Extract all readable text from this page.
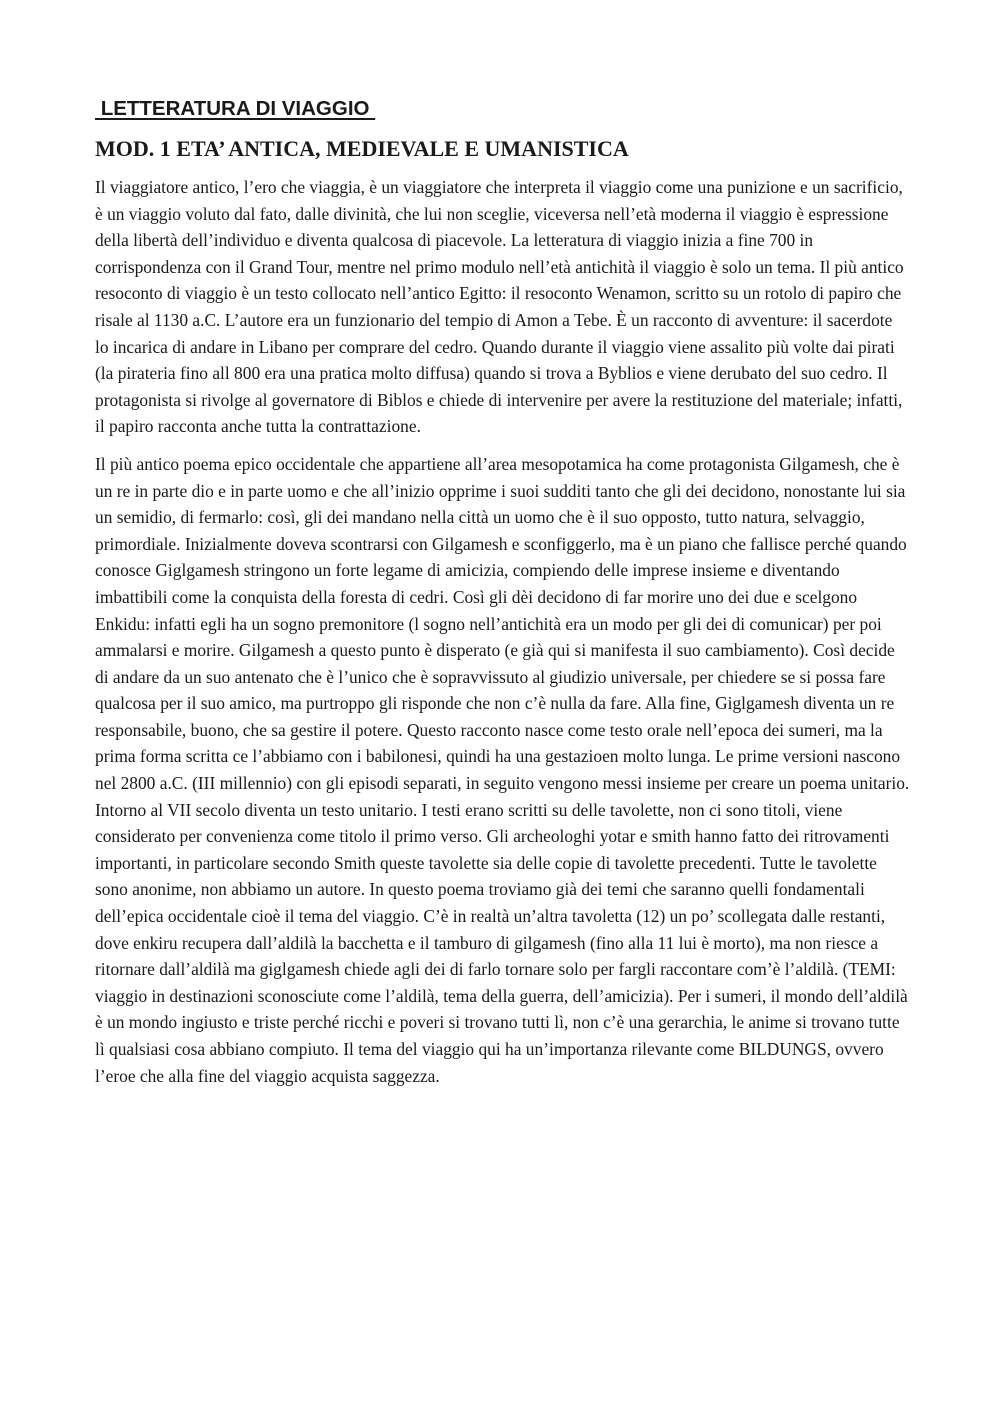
LETTERATURA DI VIAGGIO
MOD. 1 ETA’ ANTICA, MEDIEVALE E UMANISTICA

Il viaggiatore antico, l’ero che viaggia, è un viaggiatore che interpreta il viaggio come una punizione e un sacrificio, è un viaggio voluto dal fato, dalle divinità, che lui non sceglie, viceversa nell’età moderna il viaggio è espressione della libertà dell’individuo e diventa qualcosa di piacevole. La letteratura di viaggio inizia a fine 700 in corrispondenza con il Grand Tour, mentre nel primo modulo nell’età antichità il viaggio è solo un tema. Il più antico resoconto di viaggio è un testo collocato nell’antico Egitto: il resoconto Wenamon, scritto su un rotolo di papiro che risale al 1130 a.C. L’autore era un funzionario del tempio di Amon a Tebe. È un racconto di avventure: il sacerdote lo incarica di andare in Libano per comprare del cedro. Quando durante il viaggio viene assalito più volte dai pirati (la pirateria fino all 800 era una pratica molto diffusa) quando si trova a Byblios e viene derubato del suo cedro. Il protagonista si rivolge al governatore di Biblos e chiede di intervenire per avere la restituzione del materiale; infatti, il papiro racconta anche tutta la contrattazione.

Il più antico poema epico occidentale che appartiene all’area mesopotamica ha come protagonista Gilgamesh, che è un re in parte dio e in parte uomo e che all’inizio opprime i suoi sudditi tanto che gli dei decidono, nonostante lui sia un semidio, di fermarlo: così, gli dei mandano nella città un uomo che è il suo opposto, tutto natura, selvaggio, primordiale. Inizialmente doveva scontrarsi con Gilgamesh e sconfiggerlo, ma è un piano che fallisce perché quando conosce Giglgamesh stringono un forte legame di amicizia, compiendo delle imprese insieme e diventando imbattibili come la conquista della foresta di cedri. Così gli dèi decidono di far morire uno dei due e scelgono Enkidu: infatti egli ha un sogno premonitore (l sogno nell’antichità era un modo per gli dei di comunicar) per poi ammalarsi e morire. Gilgamesh a questo punto è disperato (e già qui si manifesta il suo cambiamento). Così decide di andare da un suo antenato che è l’unico che è sopravvissuto al giudizio universale, per chiedere se si possa fare qualcosa per il suo amico, ma purtroppo gli risponde che non c’è nulla da fare. Alla fine, Giglgamesh diventa un re responsabile, buono, che sa gestire il potere. Questo racconto nasce come testo orale nell’epoca dei sumeri, ma la prima forma scritta ce l’abbiamo con i babilonesi, quindi ha una gestazioen molto lunga. Le prime versioni nascono nel 2800 a.C. (III millennio) con gli episodi separati, in seguito vengono messi insieme per creare un poema unitario. Intorno al VII secolo diventa un testo unitario. I testi erano scritti su delle tavolette, non ci sono titoli, viene considerato per convenienza come titolo il primo verso. Gli archeologhi yotar e smith hanno fatto dei ritrovamenti importanti, in particolare secondo Smith queste tavolette sia delle copie di tavolette precedenti. Tutte le tavolette sono anonime, non abbiamo un autore. In questo poema troviamo già dei temi che saranno quelli fondamentali dell’epica occidentale cioè il tema del viaggio. C’è in realtà un’altra tavoletta (12) un po’ scollegata dalle restanti, dove enkiru recupera dall’aldilà la bacchetta e il tamburo di gilgamesh (fino alla 11 lui è morto), ma non riesce a ritornare dall’aldilà ma giglgamesh chiede agli dei di farlo tornare solo per fargli raccontare com’è l’aldilà. (TEMI: viaggio in destinazioni sconosciute come l’aldilà, tema della guerra, dell’amicizia). Per i sumeri, il mondo dell’aldilà è un mondo ingiusto e triste perché ricchi e poveri si trovano tutti lì, non c’è una gerarchia, le anime si trovano tutte lì qualsiasi cosa abbiano compiuto. Il tema del viaggio qui ha un’importanza rilevante come BILDUNGS, ovvero l’eroe che alla fine del viaggio acquista saggezza.
